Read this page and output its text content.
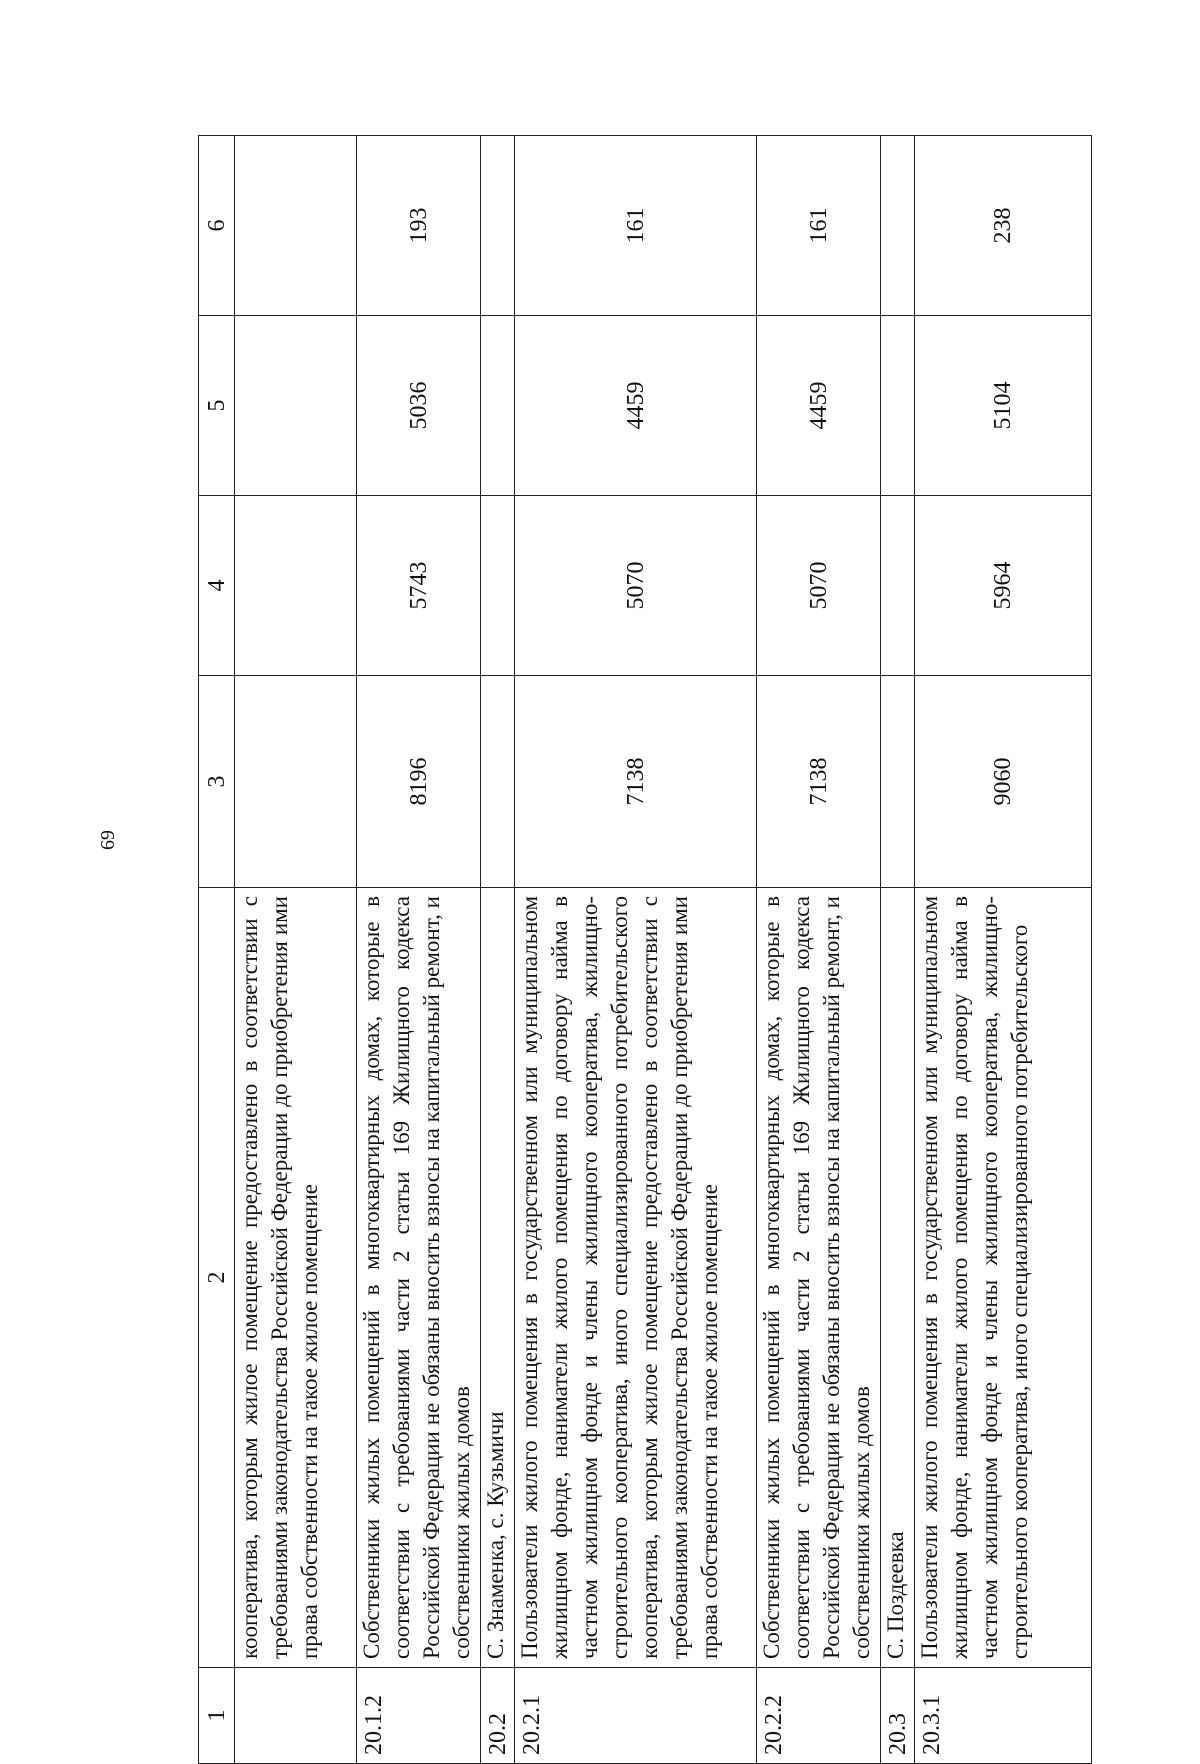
69
1	2	3	4	5	6
	кооператива, которым жилое помещение предоставлено в соответствии с требованиями законодательства Российской Федерации до приобретения ими права собственности на такое жилое помещение				
20.1.2	Собственники жилых помещений в многоквартирных домах, которые в соответствии с требованиями части 2 статьи 169 Жилищного кодекса Российской Федерации не обязаны вносить взносы на капитальный ремонт, и собственники жилых домов	8196	5743	5036	193
20.2	С. Знаменка, с. Кузьмичи				
20.2.1	Пользователи жилого помещения в государственном или муниципальном жилищном фонде, наниматели жилого помещения по договору найма в частном жилищном фонде и члены жилищного кооператива, жилищно-строительного кооператива, иного специализированного потребительского кооператива, которым жилое помещение предоставлено в соответствии с требованиями законодательства Российской Федерации до приобретения ими права собственности на такое жилое помещение	7138	5070	4459	161
20.2.2	Собственники жилых помещений в многоквартирных домах, которые в соответствии с требованиями части 2 статьи 169 Жилищного кодекса Российской Федерации не обязаны вносить взносы на капитальный ремонт, и собственники жилых домов	7138	5070	4459	161
20.3	С. Поздеевка				
20.3.1	Пользователи жилого помещения в государственном или муниципальном жилищном фонде, наниматели жилого помещения по договору найма в частном жилищном фонде и члены жилищного кооператива, жилищно-строительного кооператива, иного специализированного потребительского	9060	5964	5104	238
